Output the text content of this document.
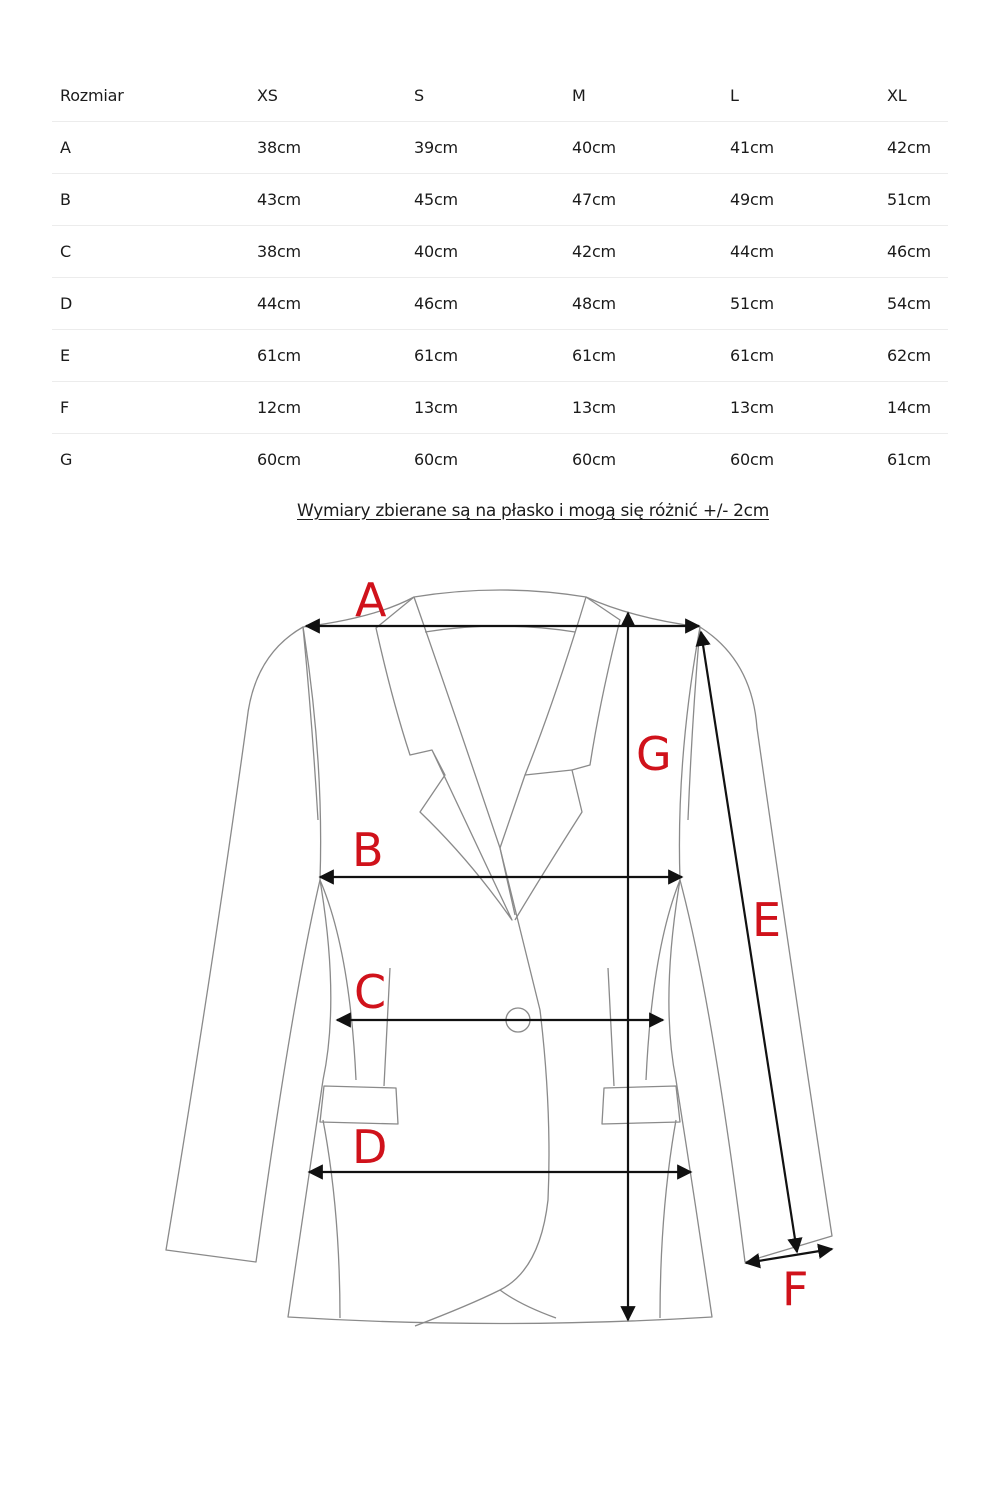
Rozmiar	XS	S	M	L	XL
A	38cm	39cm	40cm	41cm	42cm
B	43cm	45cm	47cm	49cm	51cm
C	38cm	40cm	42cm	44cm	46cm
D	44cm	46cm	48cm	51cm	54cm
E	61cm	61cm	61cm	61cm	62cm
F	12cm	13cm	13cm	13cm	14cm
G	60cm	60cm	60cm	60cm	61cm
Wymiary zbierane są na płasko i mogą się różnić +/- 2cm
A
B
C
D
G
E
F
